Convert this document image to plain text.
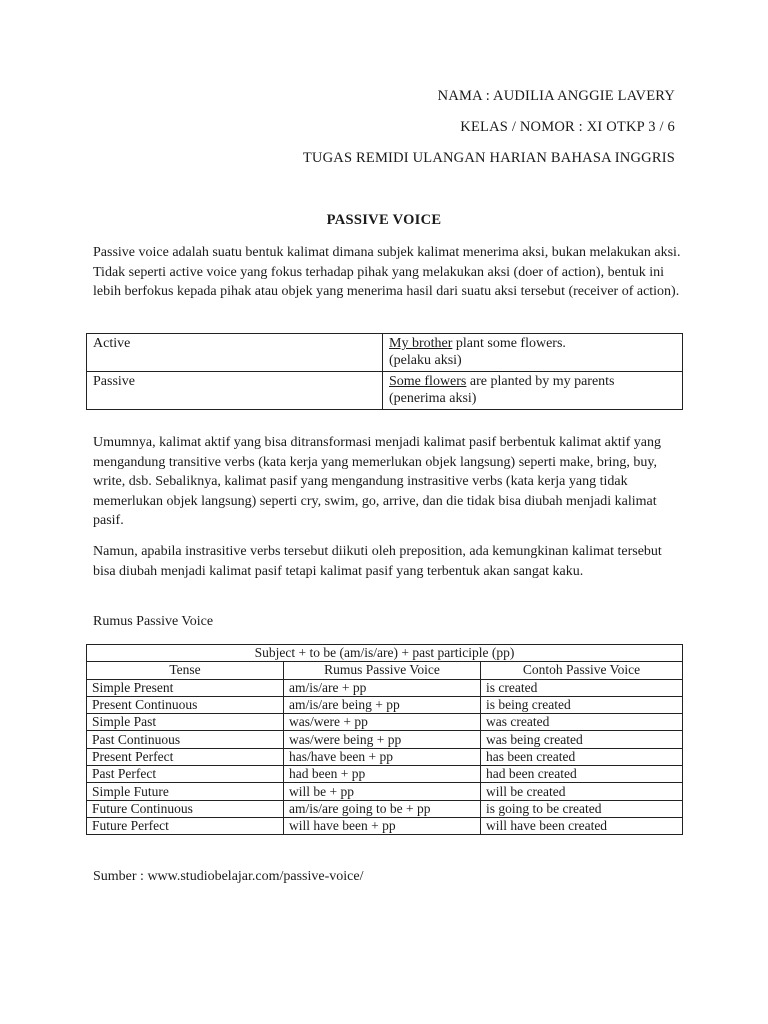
NAMA : AUDILIA ANGGIE LAVERY
KELAS / NOMOR : XI OTKP 3 / 6
TUGAS REMIDI ULANGAN HARIAN BAHASA INGGRIS
PASSIVE VOICE

Passive voice adalah suatu bentuk kalimat dimana subjek kalimat menerima aksi, bukan melakukan aksi. Tidak seperti active voice yang fokus terhadap pihak yang melakukan aksi (doer of action), bentuk ini lebih berfokus kepada pihak atau objek yang menerima hasil dari suatu aksi tersebut (receiver of action).

Active	My brother plant some flowers.
(pelaku aksi)
Passive	Some flowers are planted by my parents
(penerima aksi)

Umumnya, kalimat aktif yang bisa ditransformasi menjadi kalimat pasif berbentuk kalimat aktif yang mengandung transitive verbs (kata kerja yang memerlukan objek langsung) seperti make, bring, buy, write, dsb. Sebaliknya, kalimat pasif yang mengandung instrasitive verbs (kata kerja yang tidak memerlukan objek langsung) seperti cry, swim, go, arrive, dan die tidak bisa diubah menjadi kalimat pasif.

Namun, apabila instrasitive verbs tersebut diikuti oleh preposition, ada kemungkinan kalimat tersebut bisa diubah menjadi kalimat pasif tetapi kalimat pasif yang terbentuk akan sangat kaku.

Rumus Passive Voice

Subject + to be (am/is/are) + past participle (pp)		
Tense	Rumus Passive Voice	Contoh Passive Voice
Simple Present	am/is/are + pp	is created
Present Continuous	am/is/are being + pp	is being created
Simple Past	was/were + pp	was created
Past Continuous	was/were being + pp	was being created
Present Perfect	has/have been + pp	has been created
Past Perfect	had been + pp	had been created
Simple Future	will be + pp	will be created
Future Continuous	am/is/are going to be + pp	is going to be created
Future Perfect	will have been + pp	will have been created

Sumber : www.studiobelajar.com/passive-voice/
